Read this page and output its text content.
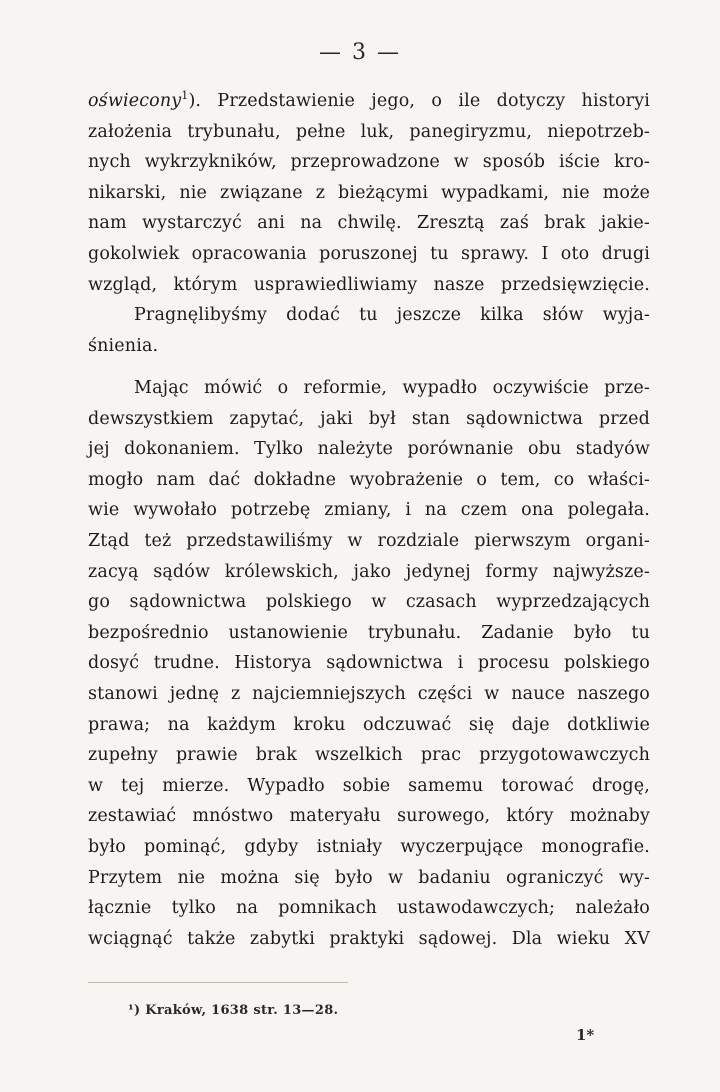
— 3 —
oświecony$^1$). Przedstawienie jego, o ile dotyczy historyi
założenia trybunału, pełne luk, panegiryzmu, niepotrzeb-
nych wykrzykników, przeprowadzone w sposób iście kro-
nikarski, nie związane z bieżącymi wypadkami, nie może
nam wystarczyć ani na chwilę. Zresztą zaś brak jakie-
gokolwiek opracowania poruszonej tu sprawy. I oto drugi
wzgląd, którym usprawiedliwiamy nasze przedsięwzięcie.
Pragnęlibyśmy dodać tu jeszcze kilka słów wyja-
śnienia.
Mając mówić o reformie, wypadło oczywiście prze-
dewszystkiem zapytać, jaki był stan sądownictwa przed
jej dokonaniem. Tylko należyte porównanie obu stadyów
mogło nam dać dokładne wyobrażenie o tem, co właści-
wie wywołało potrzebę zmiany, i na czem ona polegała.
Ztąd też przedstawiliśmy w rozdziale pierwszym organi-
zacyą sądów królewskich, jako jedynej formy najwyższe-
go sądownictwa polskiego w czasach wyprzedzających
bezpośrednio ustanowienie trybunału. Zadanie było tu
dosyć trudne. Historya sądownictwa i procesu polskiego
stanowi jednę z najciemniejszych części w nauce naszego
prawa; na każdym kroku odczuwać się daje dotkliwie
zupełny prawie brak wszelkich prac przygotowawczych
w tej mierze. Wypadło sobie samemu torować drogę,
zestawiać mnóstwo materyału surowego, który możnaby
było pominąć, gdyby istniały wyczerpujące monografie.
Przytem nie można się było w badaniu ograniczyć wy-
łącznie tylko na pomnikach ustawodawczych; należało
wciągnąć także zabytki praktyki sądowej. Dla wieku XV
¹) Kraków, 1638 str. 13—28.
1*
